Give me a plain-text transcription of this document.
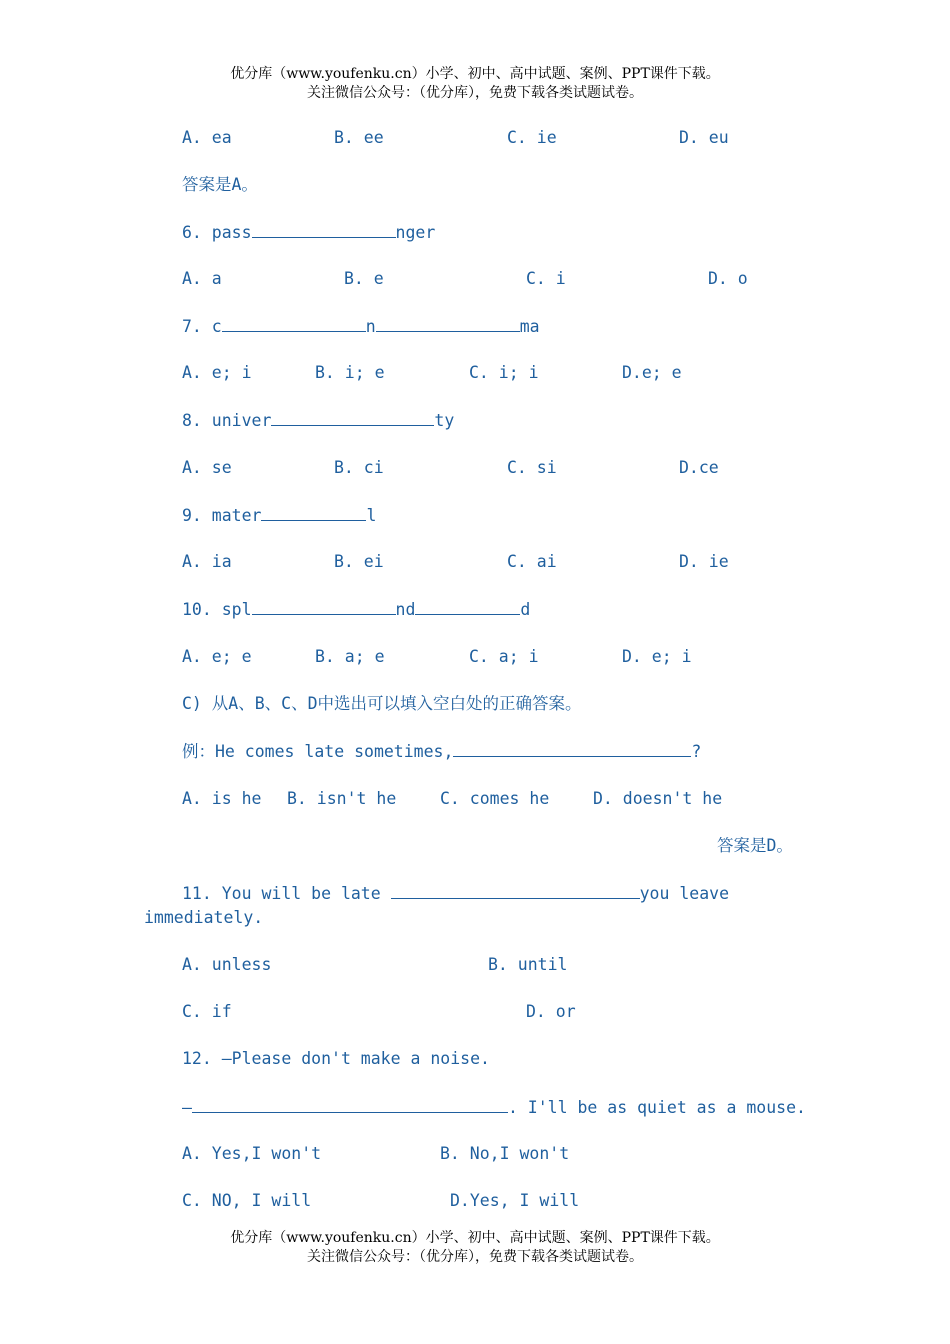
优分库（www.youfenku.cn）小学、初中、高中试题、案例、PPT课件下载。
关注微信公众号：（优分库），免费下载各类试题试卷。
A. ea	B. ee	C. ie	D. eu
答案是A。
6. pass	nger
A. a	B. e	C. i	D. o
7. c	n	ma
A. e; i	B. i; e	C. i; i	D.e; e
8. univer	ty
A. se	B. ci	C. si	D.ce
9. mater	l
A. ia	B. ei	C. ai	D. ie
10. spl	nd	d
A. e; e	B. a; e	C. a; i	D. e; i
C) 从A、B、C、D中选出可以填入空白处的正确答案。
例：He comes late sometimes,	?
A. is he B. isn't he	C. comes he	D. doesn't he
答案是D。
11. You will be late	you leave
immediately.
A. unless	B. until
C. if	D. or
12. —Please don't make a noise.
—	. I'll be as quiet as a mouse.
A. Yes,I won't	B. No,I won't
C. NO, I will	D.Yes, I will
优分库（www.youfenku.cn）小学、初中、高中试题、案例、PPT课件下载。
关注微信公众号：（优分库），免费下载各类试题试卷。
